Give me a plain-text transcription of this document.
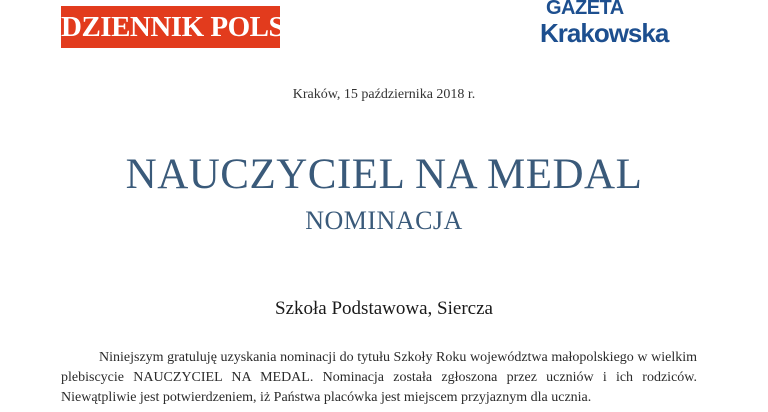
DZIENNIK POLSKI
GAZETA
Krakowska
Kraków, 15 października 2018 r.
NAUCZYCIEL NA MEDAL
NOMINACJA
Szkoła Podstawowa, Siercza
Niniejszym gratuluję uzyskania nominacji do tytułu Szkoły Roku województwa małopolskiego w wielkim plebiscycie NAUCZYCIEL NA MEDAL. Nominacja została zgłoszona przez uczniów i ich rodziców. Niewątpliwie jest potwierdzeniem, iż Państwa placówka jest miejscem przyjaznym dla ucznia.
